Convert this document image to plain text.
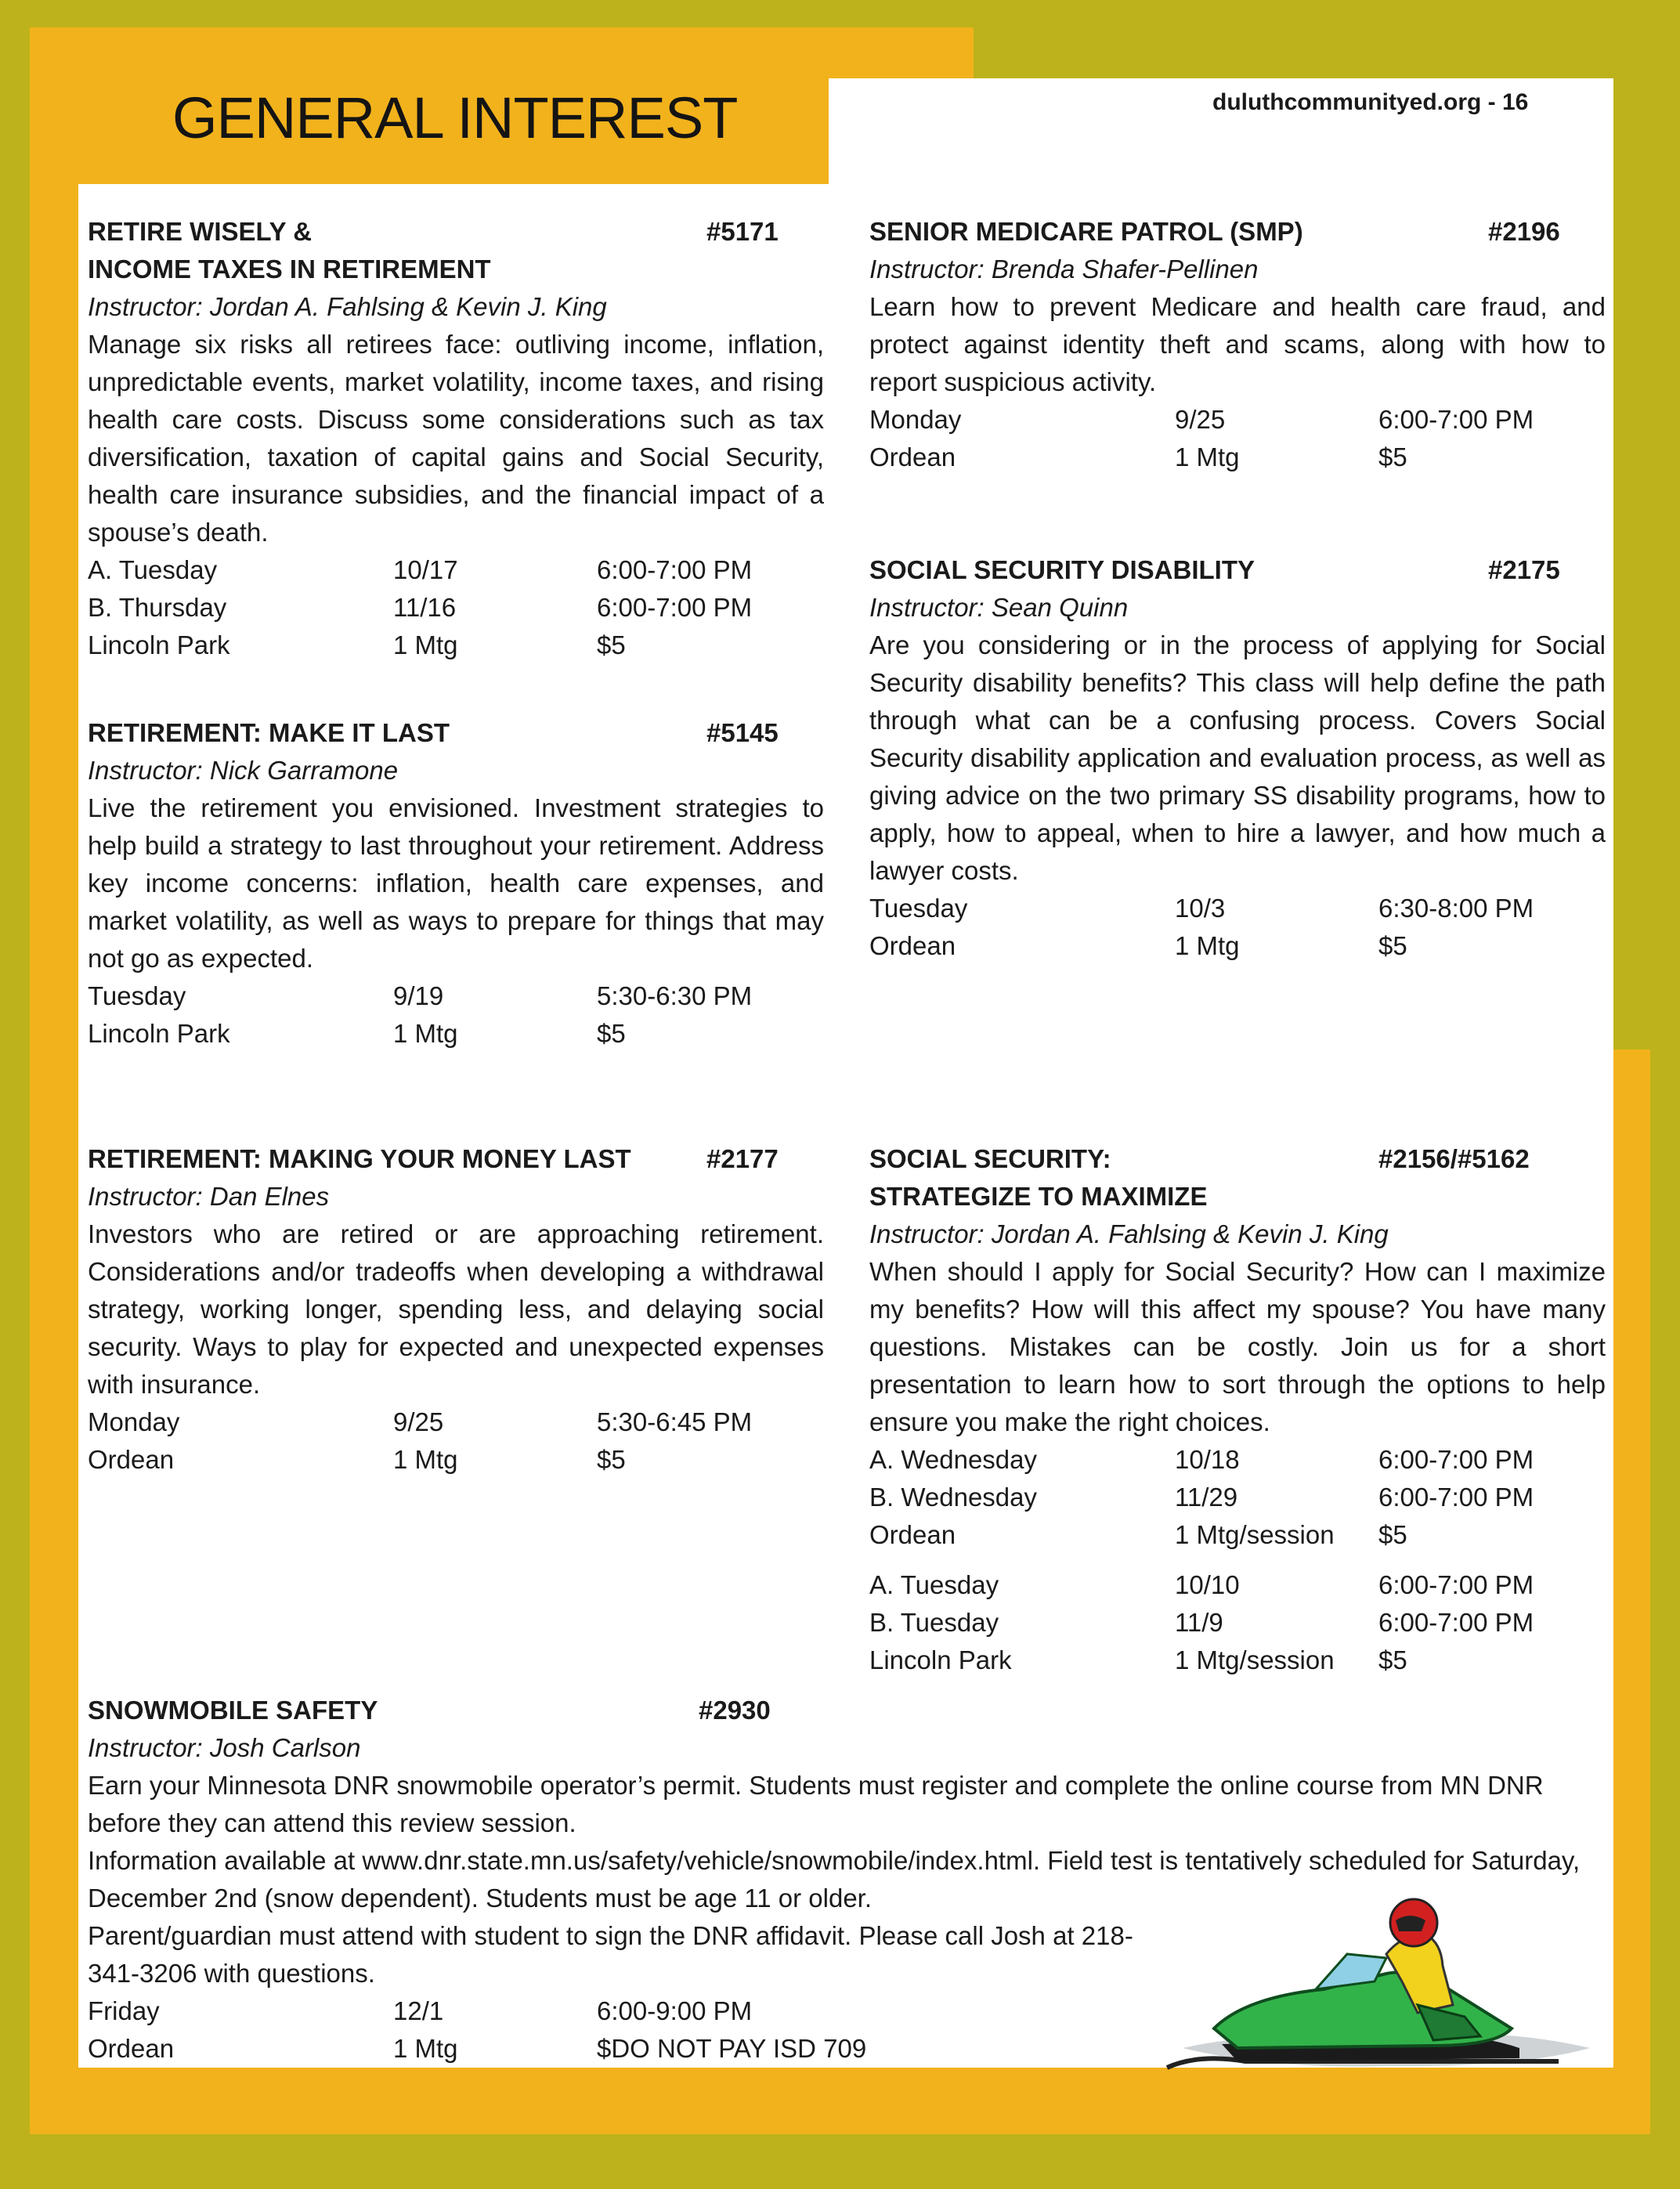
GENERAL INTEREST	duluthcommunityed.org - 16
RETIRE WISELY &	#5171
INCOME TAXES IN RETIREMENT
Instructor: Jordan A. Fahlsing & Kevin J. King
Manage six risks all retirees face: outliving income, inflation, unpredictable events, market volatility, income taxes, and rising health care costs. Discuss some considerations such as tax diversification, taxation of capital gains and Social Security, health care insurance subsidies, and the financial impact of a spouse’s death.
A. Tuesday	10/17	6:00-7:00 PM
B. Thursday	11/16	6:00-7:00 PM
Lincoln Park	1 Mtg	$5
RETIREMENT: MAKE IT LAST	#5145
Instructor: Nick Garramone
Live the retirement you envisioned. Investment strategies to help build a strategy to last throughout your retirement. Address key income concerns: inflation, health care expenses, and market volatility, as well as ways to prepare for things that may not go as expected.
Tuesday	9/19	5:30-6:30 PM
Lincoln Park	1 Mtg	$5
RETIREMENT: MAKING YOUR MONEY LAST	#2177
Instructor: Dan Elnes
Investors who are retired or are approaching retirement. Considerations and/or tradeoffs when developing a withdrawal strategy, working longer, spending less, and delaying social security. Ways to play for expected and unexpected expenses with insurance.
Monday	9/25	5:30-6:45 PM
Ordean	1 Mtg	$5
SENIOR MEDICARE PATROL (SMP)	#2196
Instructor: Brenda Shafer-Pellinen
Learn how to prevent Medicare and health care fraud, and protect against identity theft and scams, along with how to report suspicious activity.
Monday	9/25	6:00-7:00 PM
Ordean	1 Mtg	$5
SOCIAL SECURITY DISABILITY	#2175
Instructor: Sean Quinn
Are you considering or in the process of applying for Social Security disability benefits? This class will help define the path through what can be a confusing process. Covers Social Security disability application and evaluation process, as well as giving advice on the two primary SS disability programs, how to apply, how to appeal, when to hire a lawyer, and how much a lawyer costs.
Tuesday	10/3	6:30-8:00 PM
Ordean	1 Mtg	$5
SOCIAL SECURITY:	#2156/#5162
STRATEGIZE TO MAXIMIZE
Instructor: Jordan A. Fahlsing & Kevin J. King
When should I apply for Social Security? How can I maximize my benefits? How will this affect my spouse? You have many questions. Mistakes can be costly. Join us for a short presentation to learn how to sort through the options to help ensure you make the right choices.
A. Wednesday	10/18	6:00-7:00 PM
B. Wednesday	11/29	6:00-7:00 PM
Ordean	1 Mtg/session $5
A. Tuesday	10/10	6:00-7:00 PM
B. Tuesday	11/9	6:00-7:00 PM
Lincoln Park	1 Mtg/session $5
SNOWMOBILE SAFETY	#2930
Instructor: Josh Carlson
Earn your Minnesota DNR snowmobile operator’s permit. Students must register and complete the online course from MN DNR before they can attend this review session.
Information available at www.dnr.state.mn.us/safety/vehicle/snowmobile/index.html. Field test is tentatively scheduled for Saturday, December 2nd (snow dependent). Students must be age 11 or older.
Parent/guardian must attend with student to sign the DNR affidavit. Please call Josh at 218-341-3206 with questions.
Friday	12/1	6:00-9:00 PM
Ordean	1 Mtg	$DO NOT PAY ISD 709
